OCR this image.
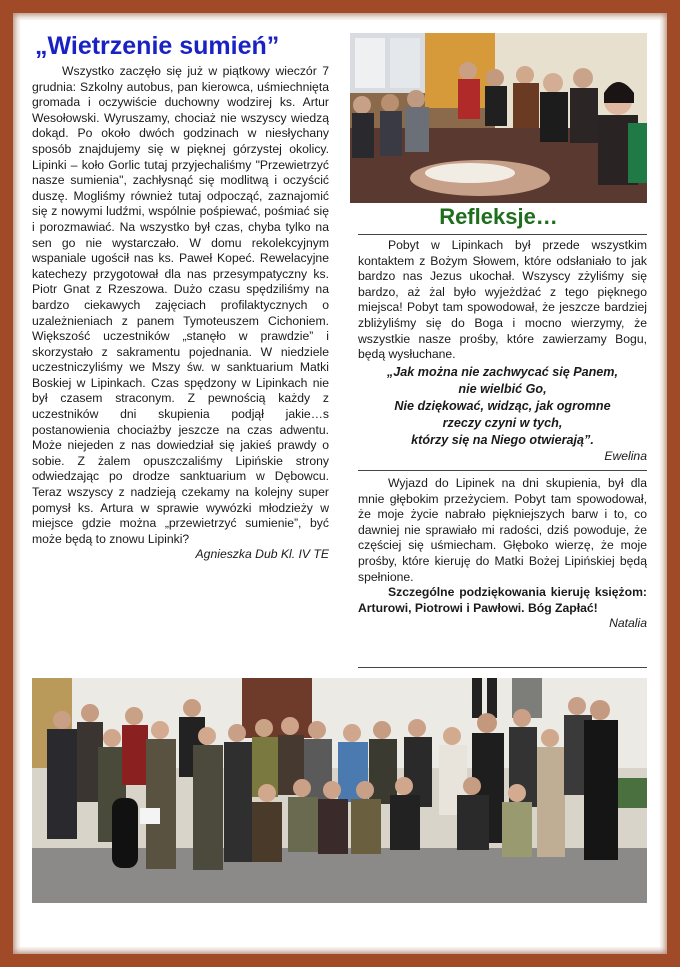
„Wietrzenie sumień”

Wszystko zaczęło się już w piątkowy wieczór 7 grudnia: Szkolny autobus, pan kierowca, uśmiechnięta gromada i oczywiście duchowny wodzirej ks. Artur Wesołowski. Wyruszamy, chociaż nie wszyscy wiedzą dokąd. Po około dwóch godzinach w niesłychany sposób znajdujemy się w pięknej górzystej okolicy. Lipinki – koło Gorlic tutaj przyjechaliśmy "Przewietrzyć nasze sumienia", zachłysnąć się modlitwą i oczyścić duszę. Mogliśmy również tutaj odpocząć, zaznajomić się z nowymi ludźmi, wspólnie pośpiewać, pośmiać się i porozmawiać. Na wszystko był czas, chyba tylko na sen go nie wystarczało. W domu rekolekcyjnym wspaniale ugościł nas ks. Paweł Kopeć. Rewelacyjne katechezy przygotował dla nas przesympatyczny ks. Piotr Gnat z Rzeszowa. Dużo czasu spędziliśmy na bardzo ciekawych zajęciach profilaktycznych o uzależnieniach z panem Tymoteuszem Cichoniem. Większość uczestników „stanęło w prawdzie” i skorzystało z sakramentu pojednania. W niedziele uczestniczyliśmy we Mszy św. w sanktuarium Matki Boskiej w Lipinkach. Czas spędzony w Lipinkach nie był czasem straconym. Z pewnością każdy z uczestników dni skupienia podjął jakie…s postanowienia chociażby jeszcze na czas adwentu. Może niejeden z nas dowiedział się jakieś prawdy o sobie. Z żalem opuszczaliśmy Lipińskie strony odwiedzając po drodze sanktuarium w Dębowcu. Teraz wszyscy z nadzieją czekamy na kolejny super pomysł ks. Artura w sprawie wywózki młodzieży w miejsce gdzie można „przewietrzyć sumienie”, być może będą to znowu Lipinki?

Agnieszka Dub Kl. IV TE

Refleksje…

Pobyt w Lipinkach był przede wszystkim kontaktem z Bożym Słowem, które odsłaniało to jak bardzo nas Jezus ukochał. Wszyscy zżyliśmy się bardzo, aż żal było wyjeżdżać z tego pięknego miejsca! Pobyt tam spowodował, że jeszcze bardziej zbliżyliśmy się do Boga i mocno wierzymy, że wszystkie nasze prośby, które zawierzamy Bogu, będą wysłuchane.

„Jak można nie zachwycać się Panem,
nie wielbić Go,
Nie dziękować, widząc, jak ogromne
rzeczy czyni w tych,
którzy się na Niego otwierają”.

Ewelina

Wyjazd do Lipinek na dni skupienia, był dla mnie głębokim przeżyciem. Pobyt tam spowodował, że moje życie nabrało piękniejszych barw i to, co dawniej nie sprawiało mi radości, dziś powoduje, że częściej się uśmiecham. Głęboko wierzę, że moje prośby, które kieruję do Matki Bożej Lipińskiej będą spełnione.

Szczególne podziękowania kieruję księżom: Arturowi, Piotrowi i Pawłowi. Bóg Zapłać!

Natalia
